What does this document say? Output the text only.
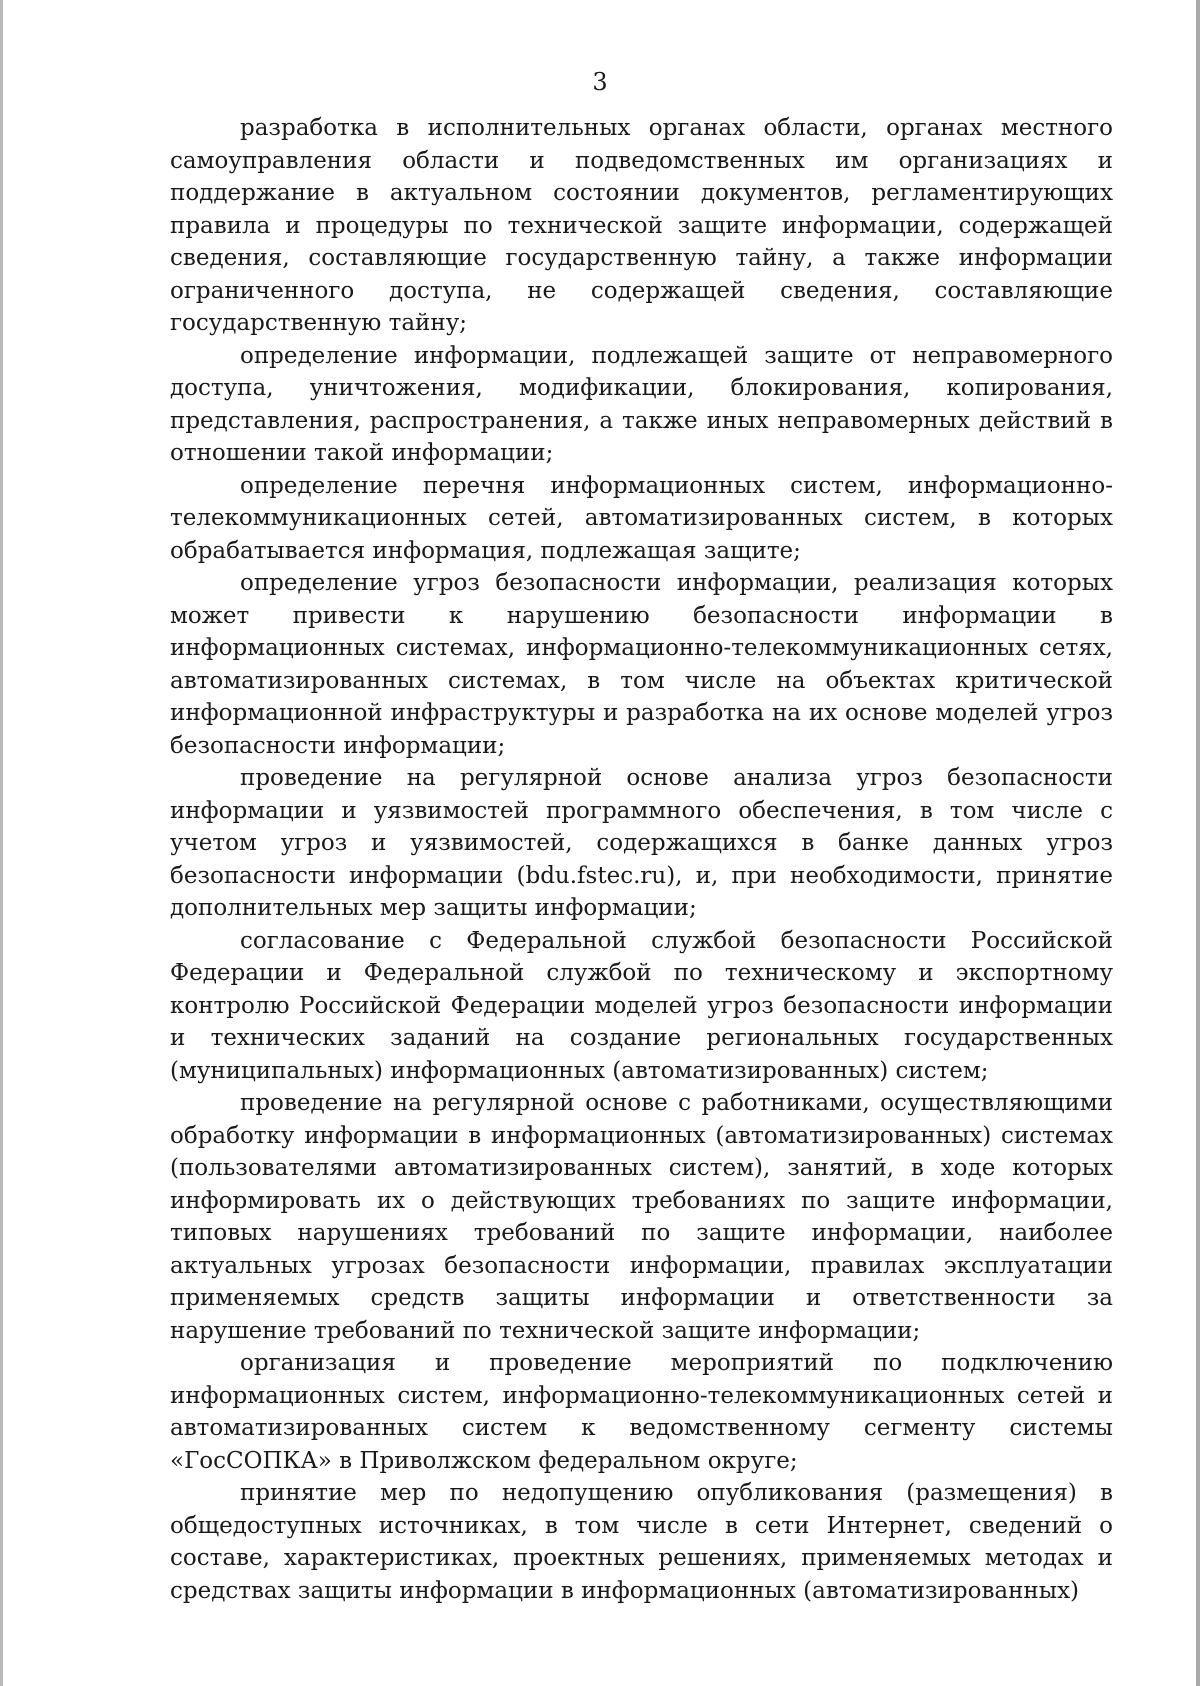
3

разработка в исполнительных органах области, органах местного самоуправления области и подведомственных им организациях и поддержание в актуальном состоянии документов, регламентирующих правила и процедуры по технической защите информации, содержащей сведения, составляющие государственную тайну, а также информации ограниченного доступа, не содержащей сведения, составляющие государственную тайну;

определение информации, подлежащей защите от неправомерного доступа, уничтожения, модификации, блокирования, копирования, представления, распространения, а также иных неправомерных действий в отношении такой информации;

определение перечня информационных систем, информационно-телекоммуникационных сетей, автоматизированных систем, в которых обрабатывается информация, подлежащая защите;

определение угроз безопасности информации, реализация которых может привести к нарушению безопасности информации в информационных системах, информационно-телекоммуникационных сетях, автоматизированных системах, в том числе на объектах критической информационной инфраструктуры и разработка на их основе моделей угроз безопасности информации;

проведение на регулярной основе анализа угроз безопасности информации и уязвимостей программного обеспечения, в том числе с учетом угроз и уязвимостей, содержащихся в банке данных угроз безопасности информации (bdu.fstec.ru), и, при необходимости, принятие дополнительных мер защиты информации;

согласование с Федеральной службой безопасности Российской Федерации и Федеральной службой по техническому и экспортному контролю Российской Федерации моделей угроз безопасности информации и технических заданий на создание региональных государственных (муниципальных) информационных (автоматизированных) систем;

проведение на регулярной основе с работниками, осуществляющими обработку информации в информационных (автоматизированных) системах (пользователями автоматизированных систем), занятий, в ходе которых информировать их о действующих требованиях по защите информации, типовых нарушениях требований по защите информации, наиболее актуальных угрозах безопасности информации, правилах эксплуатации применяемых средств защиты информации и ответственности за нарушение требований по технической защите информации;

организация и проведение мероприятий по подключению информационных систем, информационно-телекоммуникационных сетей и автоматизированных систем к ведомственному сегменту системы «ГосСОПКА» в Приволжском федеральном округе;

принятие мер по недопущению опубликования (размещения) в общедоступных источниках, в том числе в сети Интернет, сведений о составе, характеристиках, проектных решениях, применяемых методах и средствах защиты информации в информационных (автоматизированных)
